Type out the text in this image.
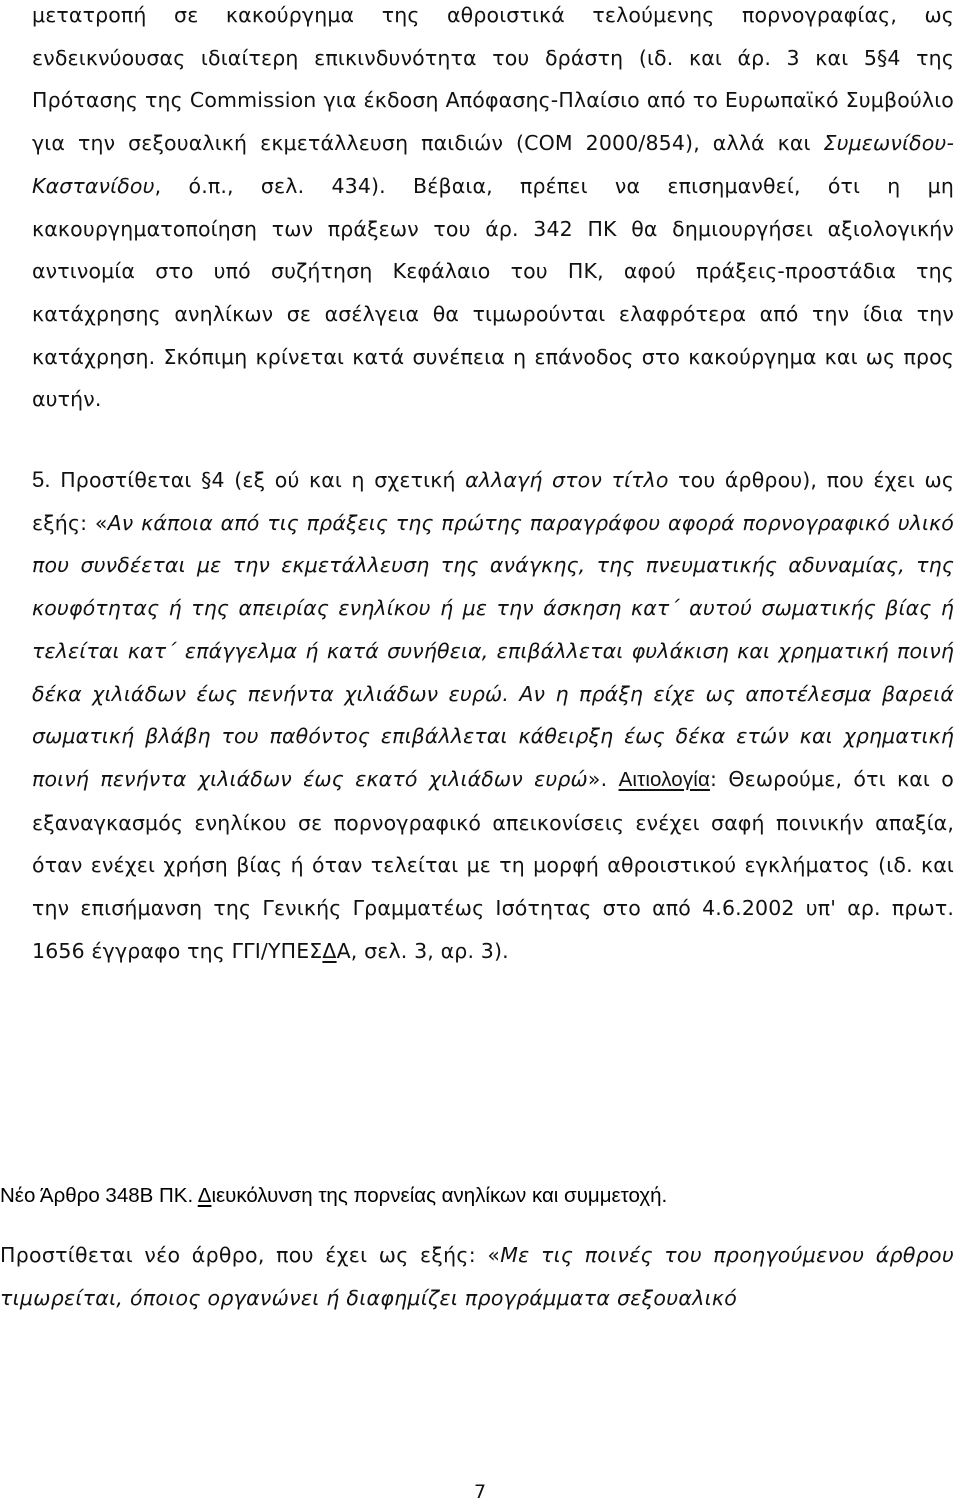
μετατροπή σε κακούργημα της αθροιστικά τελούμενης πορνογραφίας, ως ενδεικνύουσας ιδιαίτερη επικινδυνότητα του δράστη (ιδ. και άρ. 3 και 5§4 της Πρότασης της Commission για έκδοση Απόφασης-Πλαίσιο από το Ευρωπαϊκό Συμβούλιο για την σεξουαλική εκμετάλλευση παιδιών (COM 2000/854), αλλά και Συμεωνίδου-Καστανίδου, ό.π., σελ. 434). Βέβαια, πρέπει να επισημανθεί, ότι η μη κακουργηματοποίηση των πράξεων του άρ. 342 ΠΚ θα δημιουργήσει αξιολογικήν αντινομία στο υπό συζήτηση Κεφάλαιο του ΠΚ, αφού πράξεις-προστάδια της κατάχρησης ανηλίκων σε ασέλγεια θα τιμωρούνται ελαφρότερα από την ίδια την κατάχρηση. Σκόπιμη κρίνεται κατά συνέπεια η επάνοδος στο κακούργημα και ως προς αυτήν.
5. Προστίθεται §4 (εξ ού και η σχετική αλλαγή στον τίτλο του άρθρου), που έχει ως εξής: «Αν κάποια από τις πράξεις της πρώτης παραγράφου αφορά πορνογραφικό υλικό που συνδέεται με την εκμετάλλευση της ανάγκης, της πνευματικής αδυναμίας, της κουφότητας ή της απειρίας ενηλίκου ή με την άσκηση κατ΄ αυτού σωματικής βίας ή τελείται κατ΄ επάγγελμα ή κατά συνήθεια, επιβάλλεται φυλάκιση και χρηματική ποινή δέκα χιλιάδων έως πενήντα χιλιάδων ευρώ. Αν η πράξη είχε ως αποτέλεσμα βαρειά σωματική βλάβη του παθόντος επιβάλλεται κάθειρξη έως δέκα ετών και χρηματική ποινή πενήντα χιλιάδων έως εκατό χιλιάδων ευρώ». Αιτιολογία: Θεωρούμε, ότι και ο εξαναγκασμός ενηλίκου σε πορνογραφικό απεικονίσεις ενέχει σαφή ποινικήν απαξία, όταν ενέχει χρήση βίας ή όταν τελείται με τη μορφή αθροιστικού εγκλήματος (ιδ. και την επισήμανση της Γενικής Γραμματέως Ισότητας στο από 4.6.2002 υπ' αρ. πρωτ. 1656 έγγραφο της ΓΓΙ/ΥΠΕΣΔΑ, σελ. 3, αρ. 3).
Νέο Άρθρο 348Β ΠΚ. Διευκόλυνση της πορνείας ανηλίκων και συμμετοχή.
Προστίθεται νέο άρθρο, που έχει ως εξής: «Με τις ποινές του προηγούμενου άρθρου τιμωρείται, όποιος οργανώνει ή διαφημίζει προγράμματα σεξουαλικό
7
